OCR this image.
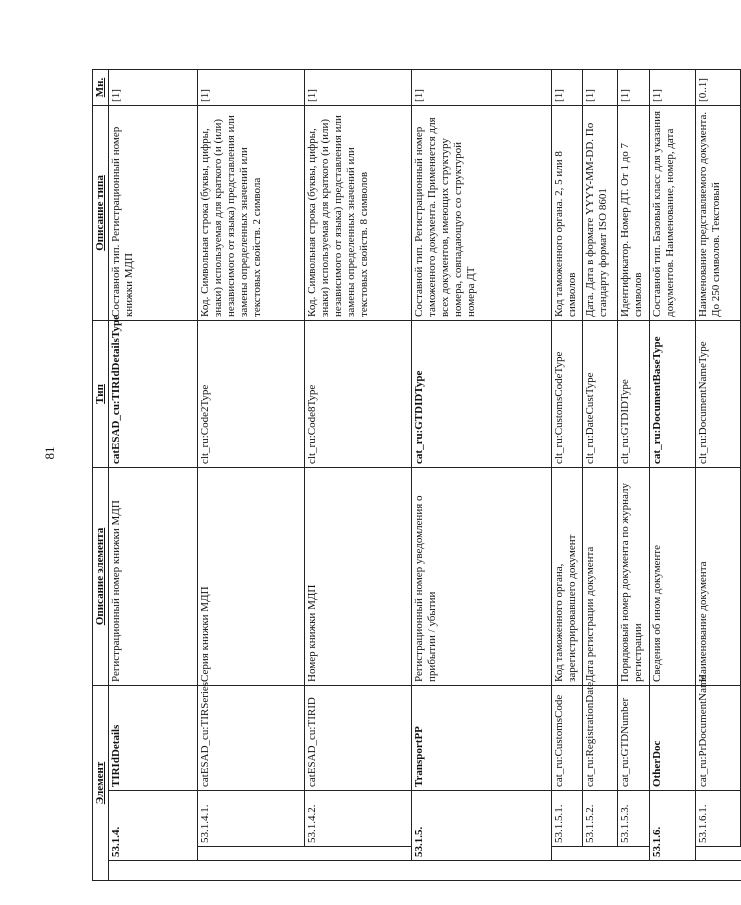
81
Элемент				Описание элемента	Тип	Описание типа	Мн.
	53.1.4.		TIRIdDetails	Регистрационный номер книжки МДП	catESAD_cu:TIRIdDetailsType	Составной тип. Регистрационный номер книжки МДП	[1]
		53.1.4.1.	catESAD_cu:TIRSeries	Серия книжки МДП	clt_ru:Code2Type	Код. Символьная строка (буквы, цифры, знаки) используемая для краткого (и (или) независимого от языка) представления или замены определенных значений или текстовых свойств. 2 символа	[1]
		53.1.4.2.	catESAD_cu:TIRID	Номер книжки МДП	clt_ru:Code8Type	Код. Символьная строка (буквы, цифры, знаки) используемая для краткого (и (или) независимого от языка) представления или замены определенных значений или текстовых свойств. 8 символов	[1]
	53.1.5.		TransportPP	Регистрационный номер уведомления о прибытии / убытии	cat_ru:GTDIDType	Составной тип. Регистрационный номер таможенного документа. Применяется для всех документов, имеющих структуру номера, совпадающую со структурой номера ДТ	[1]
		53.1.5.1.	cat_ru:CustomsCode	Код таможенного органа, зарегистрировавшего документ	clt_ru:CustomsCodeType	Код таможенного органа. 2, 5 или 8 символов	[1]
		53.1.5.2.	cat_ru:RegistrationDate	Дата регистрации документа	clt_ru:DateCustType	Дата. Дата в формате YYYY-MM-DD. По стандарту формат ISO 8601	[1]
		53.1.5.3.	cat_ru:GTDNumber	Порядковый номер документа по журналу регистрации	clt_ru:GTDIDType	Идентификатор. Номер ДТ. От 1 до 7 символов	[1]
	53.1.6.		OtherDoc	Сведения об ином документе	cat_ru:DocumentBaseType	Составной тип. Базовый класс для указания документов. Наименование, номер, дата	[1]
		53.1.6.1.	cat_ru:PrDocumentName	Наименование документа	clt_ru:DocumentNameType	Наименование представляемого документа. До 250 символов. Текстовый	[0..1]
